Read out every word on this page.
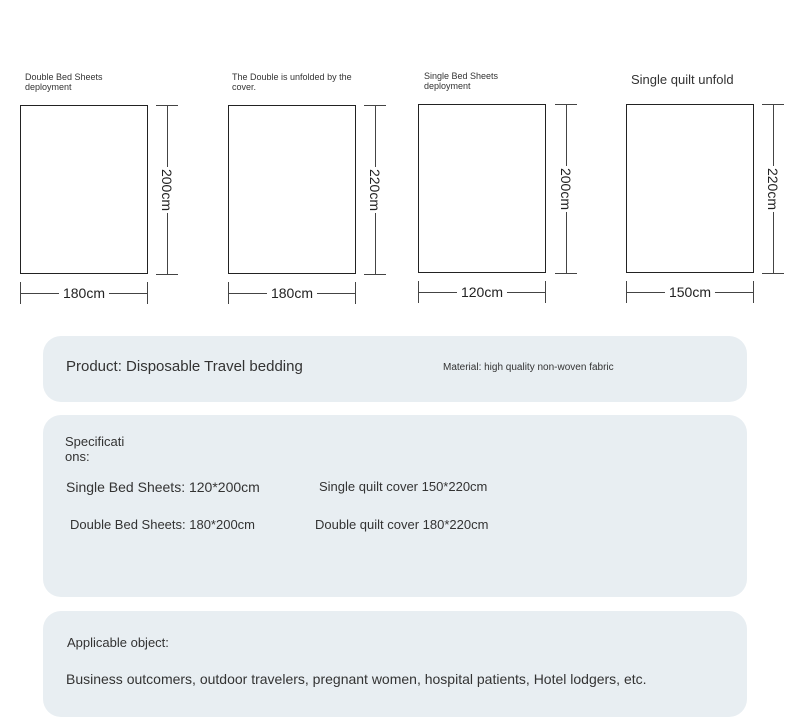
Double Bed Sheets deployment
200cm
180cm
The Double is unfolded by the cover.
220cm
180cm
Single Bed Sheets deployment
200cm
120cm
Single quilt unfold
220cm
150cm
Product: Disposable Travel bedding	Material: high quality non-woven fabric
Specificati
ons:
Single Bed Sheets: 120*200cm	Single quilt cover 150*220cm
Double Bed Sheets: 180*200cm	Double quilt cover 180*220cm
Applicable object:
Business outcomers, outdoor travelers, pregnant women, hospital patients, Hotel lodgers, etc.
